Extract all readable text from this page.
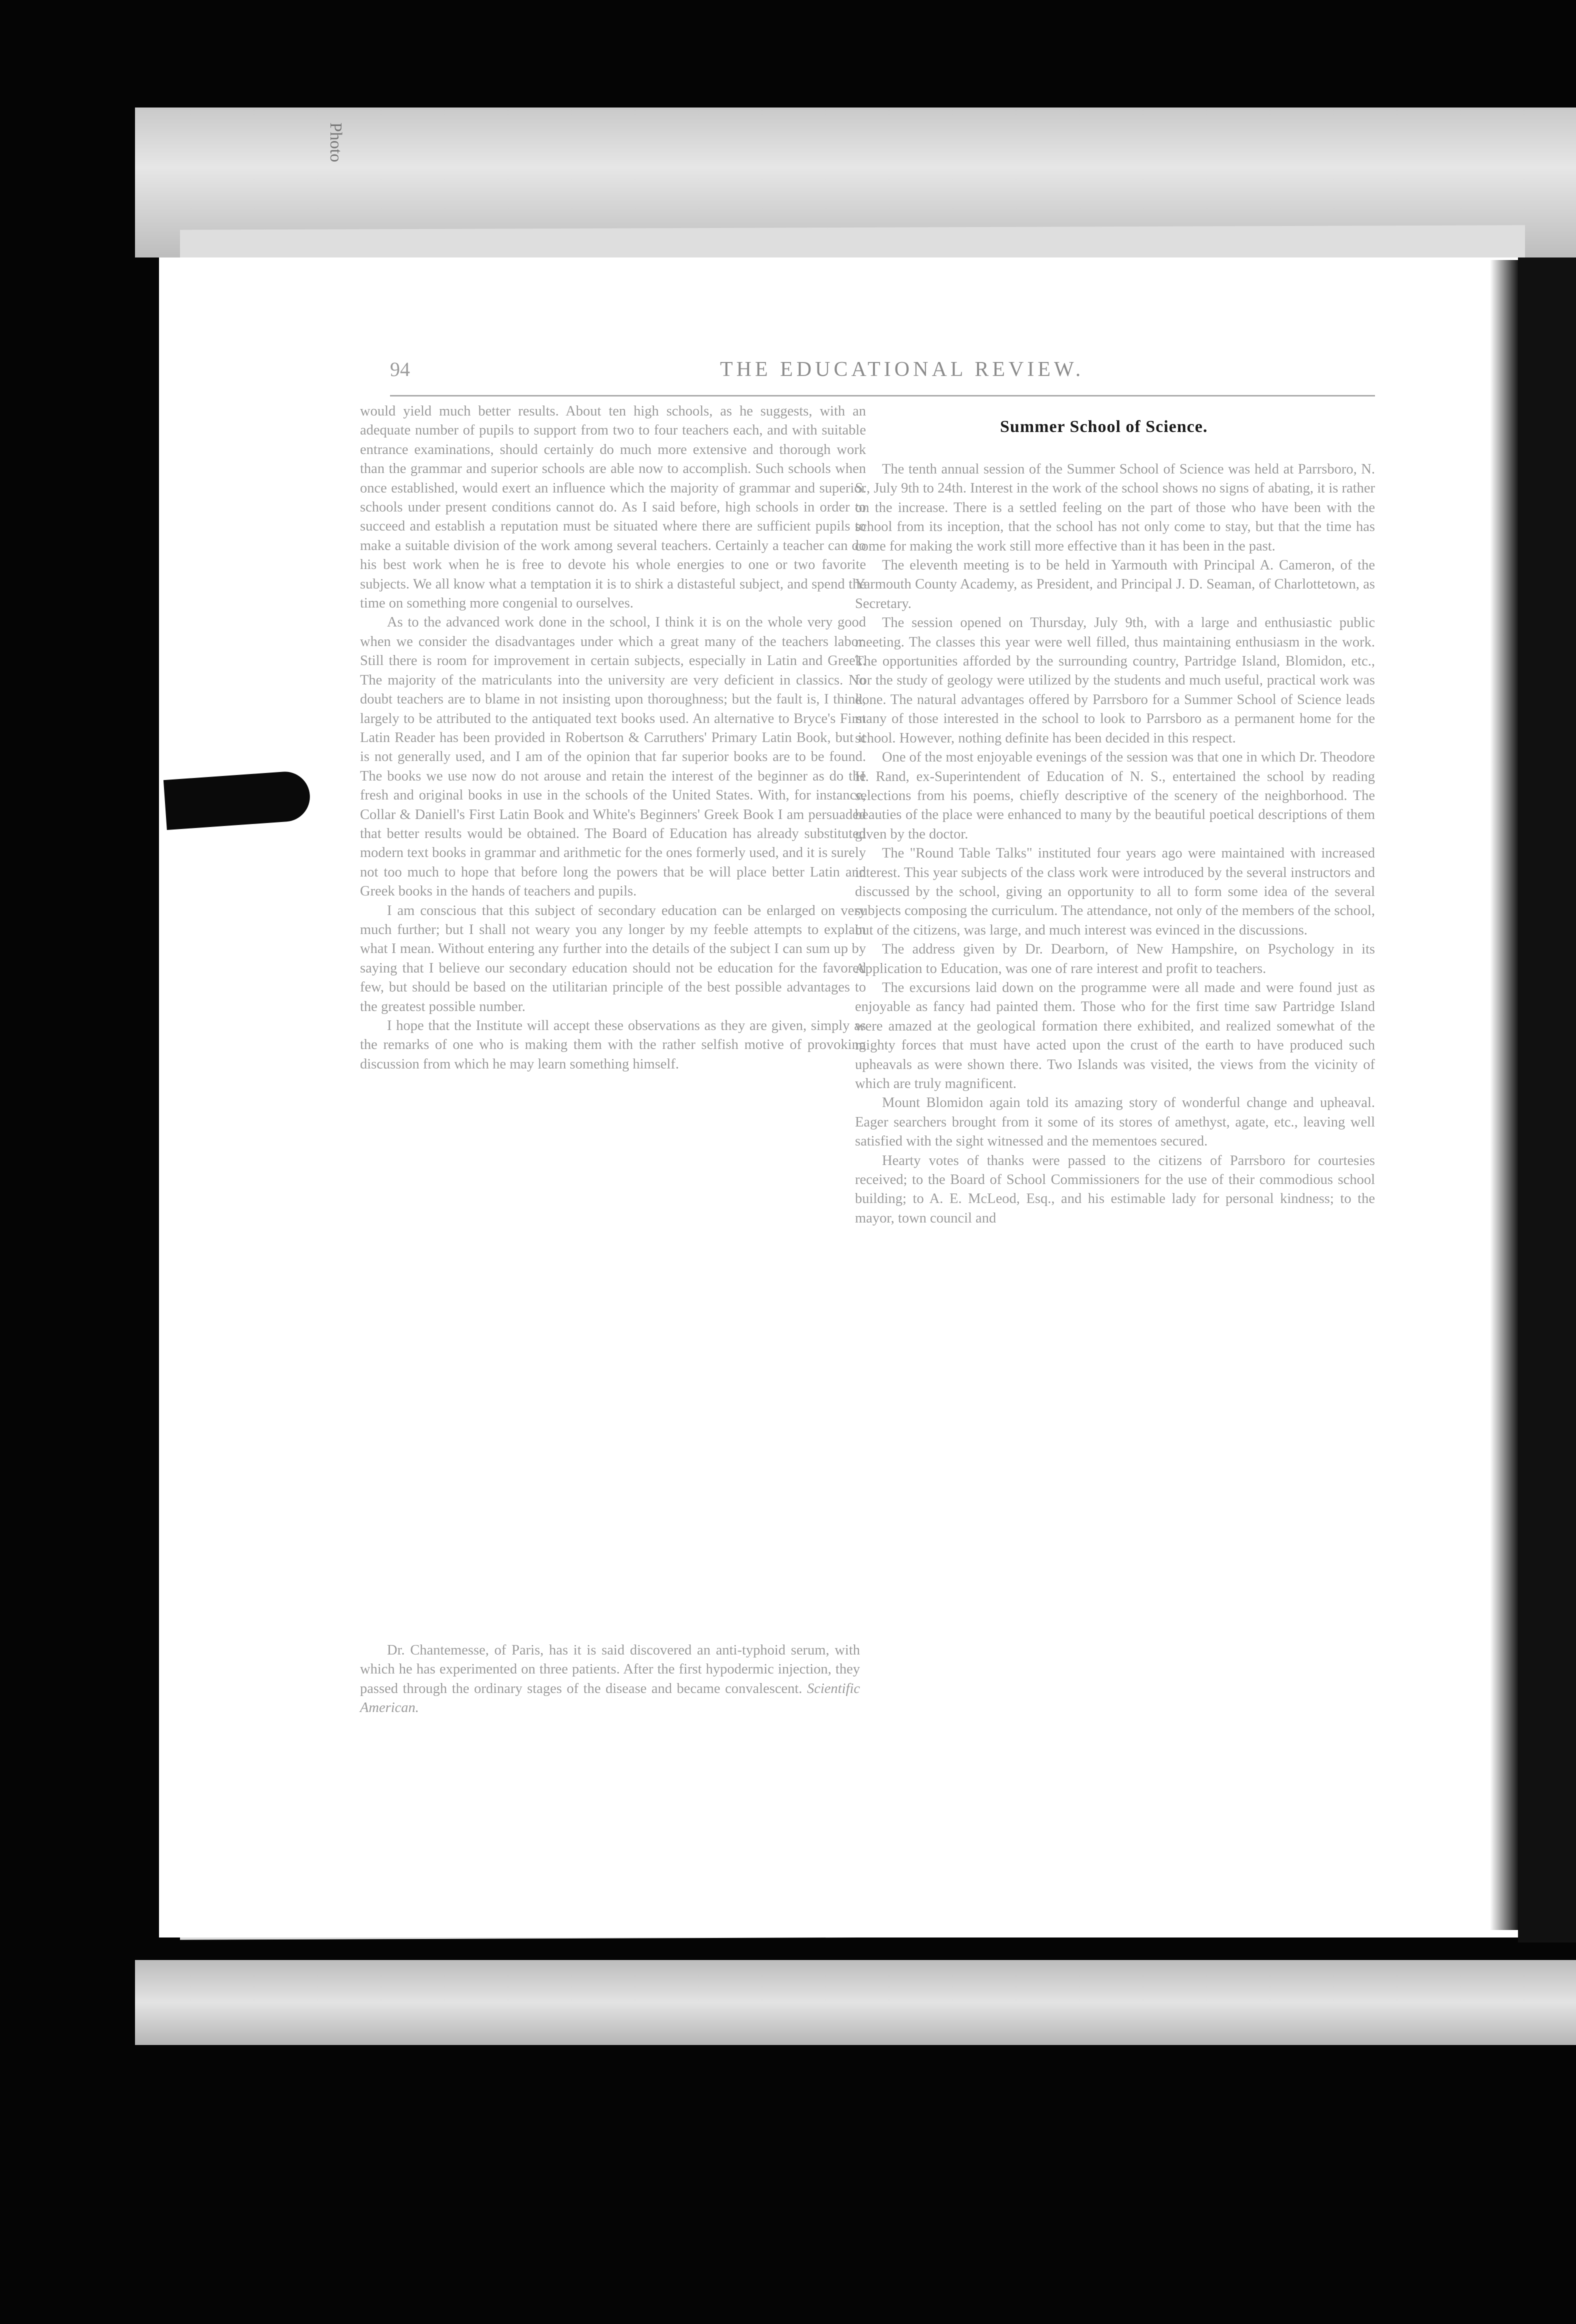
Photo
94	THE EDUCATIONAL REVIEW.

would yield much better results. About ten high schools, as he suggests, with an adequate number of pupils to support from two to four teachers each, and with suitable entrance examinations, should certainly do much more extensive and thorough work than the grammar and superior schools are able now to accomplish. Such schools when once established, would exert an influence which the majority of grammar and superior schools under present conditions cannot do. As I said before, high schools in order to succeed and establish a reputation must be situated where there are sufficient pupils to make a suitable division of the work among several teachers. Certainly a teacher can do his best work when he is free to devote his whole energies to one or two favorite subjects. We all know what a temptation it is to shirk a distasteful subject, and spend the time on something more congenial to ourselves.

As to the advanced work done in the school, I think it is on the whole very good when we consider the disadvantages under which a great many of the teachers labor. Still there is room for improvement in certain subjects, especially in Latin and Greek. The majority of the matriculants into the university are very deficient in classics. No doubt teachers are to blame in not insisting upon thoroughness; but the fault is, I think, largely to be attributed to the antiquated text books used. An alternative to Bryce's First Latin Reader has been provided in Robertson & Carruthers' Primary Latin Book, but it is not generally used, and I am of the opinion that far superior books are to be found. The books we use now do not arouse and retain the interest of the beginner as do the fresh and original books in use in the schools of the United States. With, for instance, Collar & Daniell's First Latin Book and White's Beginners' Greek Book I am persuaded that better results would be obtained. The Board of Education has already substituted modern text books in grammar and arithmetic for the ones formerly used, and it is surely not too much to hope that before long the powers that be will place better Latin and Greek books in the hands of teachers and pupils.

I am conscious that this subject of secondary education can be enlarged on very much further; but I shall not weary you any longer by my feeble attempts to explain what I mean. Without entering any further into the details of the subject I can sum up by saying that I believe our secondary education should not be education for the favored few, but should be based on the utilitarian principle of the best possible advantages to the greatest possible number.

I hope that the Institute will accept these observations as they are given, simply as the remarks of one who is making them with the rather selfish motive of provoking discussion from which he may learn something himself.

Dr. Chantemesse, of Paris, has it is said discovered an anti-typhoid serum, with which he has experimented on three patients. After the first hypodermic injection, they passed through the ordinary stages of the disease and became convalescent. Scientific American.

Summer School of Science.

The tenth annual session of the Summer School of Science was held at Parrsboro, N. S., July 9th to 24th. Interest in the work of the school shows no signs of abating, it is rather on the increase. There is a settled feeling on the part of those who have been with the school from its inception, that the school has not only come to stay, but that the time has come for making the work still more effective than it has been in the past.

The eleventh meeting is to be held in Yarmouth with Principal A. Cameron, of the Yarmouth County Academy, as President, and Principal J. D. Seaman, of Charlottetown, as Secretary.

The session opened on Thursday, July 9th, with a large and enthusiastic public meeting. The classes this year were well filled, thus maintaining enthusiasm in the work. The opportunities afforded by the surrounding country, Partridge Island, Blomidon, etc., for the study of geology were utilized by the students and much useful, practical work was done. The natural advantages offered by Parrsboro for a Summer School of Science leads many of those interested in the school to look to Parrsboro as a permanent home for the school. However, nothing definite has been decided in this respect.

One of the most enjoyable evenings of the session was that one in which Dr. Theodore H. Rand, ex-Superintendent of Education of N. S., entertained the school by reading selections from his poems, chiefly descriptive of the scenery of the neighborhood. The beauties of the place were enhanced to many by the beautiful poetical descriptions of them given by the doctor.

The "Round Table Talks" instituted four years ago were maintained with increased interest. This year subjects of the class work were introduced by the several instructors and discussed by the school, giving an opportunity to all to form some idea of the several subjects composing the curriculum. The attendance, not only of the members of the school, but of the citizens, was large, and much interest was evinced in the discussions.

The address given by Dr. Dearborn, of New Hampshire, on Psychology in its Application to Education, was one of rare interest and profit to teachers.

The excursions laid down on the programme were all made and were found just as enjoyable as fancy had painted them. Those who for the first time saw Partridge Island were amazed at the geological formation there exhibited, and realized somewhat of the mighty forces that must have acted upon the crust of the earth to have produced such upheavals as were shown there. Two Islands was visited, the views from the vicinity of which are truly magnificent.

Mount Blomidon again told its amazing story of wonderful change and upheaval. Eager searchers brought from it some of its stores of amethyst, agate, etc., leaving well satisfied with the sight witnessed and the mementoes secured.

Hearty votes of thanks were passed to the citizens of Parrsboro for courtesies received; to the Board of School Commissioners for the use of their commodious school building; to A. E. McLeod, Esq., and his estimable lady for personal kindness; to the mayor, town council and
